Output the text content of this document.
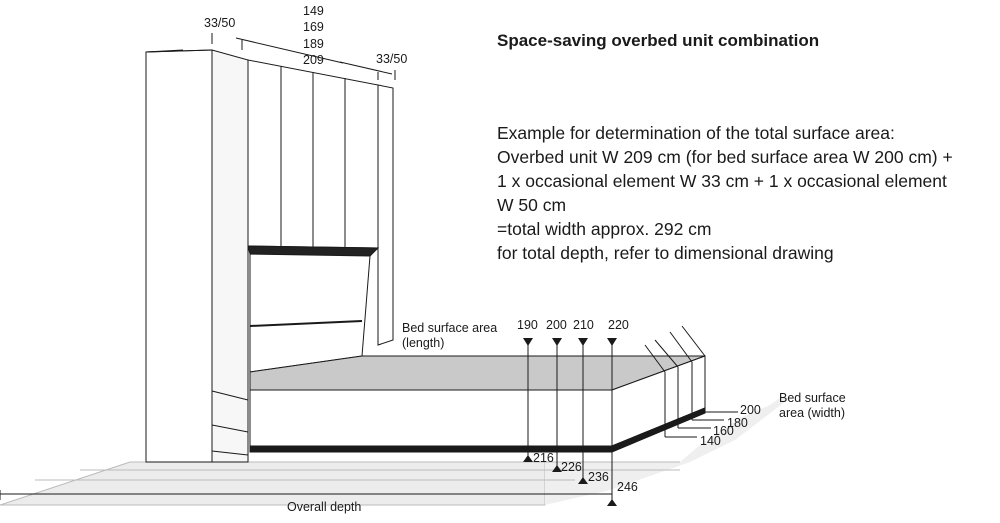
33/50
149
169
189
209	33/50
Bed surface area
(length)
190 200 210 220
216
226
236
246
Overall depth
Bed surface
area (width)
200
180
160
140
Space-saving overbed unit combination
Example for determination of the total surface area:
Overbed unit W 209 cm (for bed surface area W 200 cm) +
1 x occasional element W 33 cm + 1 x occasional element
W 50 cm
=total width approx. 292 cm
for total depth, refer to dimensional drawing
